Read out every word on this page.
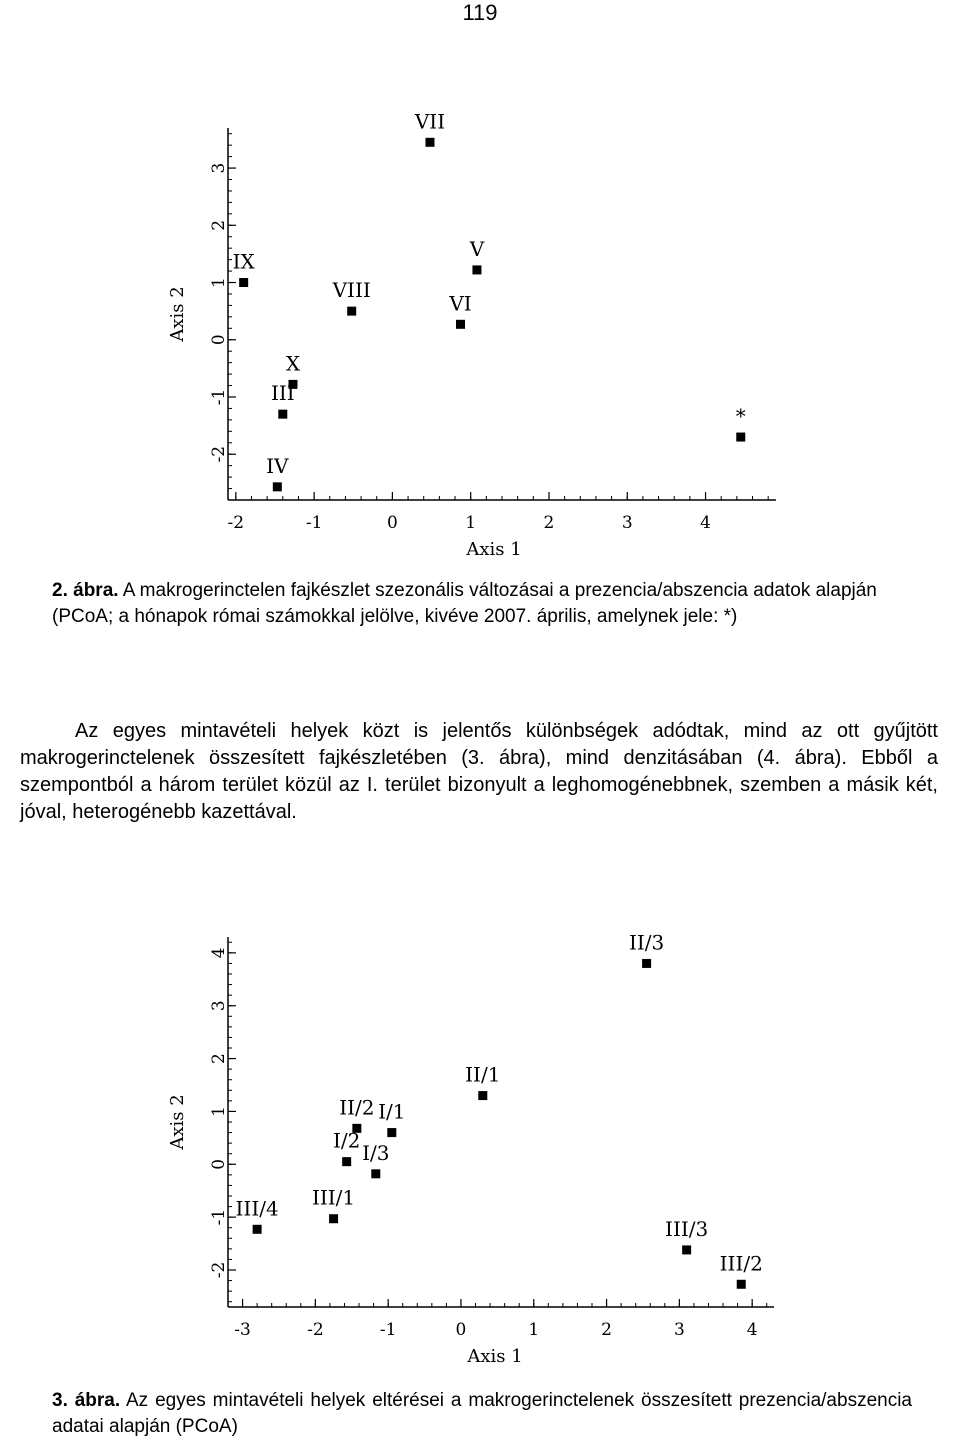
119
-2	-1	0	1	2	3	4
-2
-1
0
1
2
3
Axis 1
Axis 2
VII
V
IX
VIII
VI
X
III
*
IV

2. ábra. A makrogerinctelen fajkészlet szezonális változásai a prezencia/abszencia adatok alapján (PCoA; a hónapok római számokkal jelölve, kivéve 2007. április, amelynek jele: *)

Az egyes mintavételi helyek közt is jelentős különbségek adódtak, mind az ott gyűjtött makrogerinctelenek összesített fajkészletében (3. ábra), mind denzitásában (4. ábra). Ebből a szempontból a három terület közül az I. terület bizonyult a leghomogénebbnek, szemben a másik két, jóval, heterogénebb kazettával.

-3	-2	-1	0	1	2	3	4
-2
-1
0
1
2
3
4
Axis 1
Axis 2
II/3
II/1
II/2 I/1
I/2
I/3
III/1
III/4
III/3
III/2

3. ábra. Az egyes mintavételi helyek eltérései a makrogerinctelenek összesített prezencia/abszencia adatai alapján (PCoA)
